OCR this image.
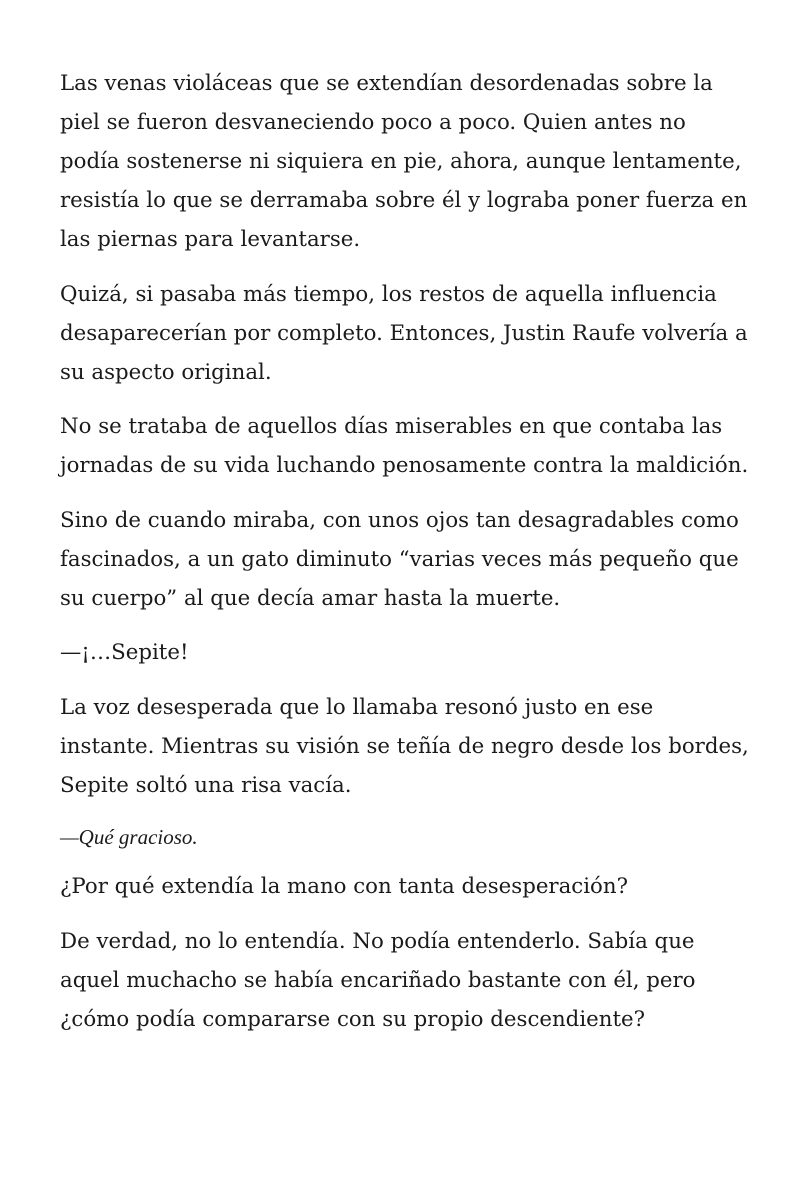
Las venas violáceas que se extendían desordenadas sobre la piel se fueron desvaneciendo poco a poco. Quien antes no podía sostenerse ni siquiera en pie, ahora, aunque lentamente, resistía lo que se derramaba sobre él y lograba poner fuerza en las piernas para levantarse.

Quizá, si pasaba más tiempo, los restos de aquella influencia desaparecerían por completo. Entonces, Justin Raufe volvería a su aspecto original.

No se trataba de aquellos días miserables en que contaba las jornadas de su vida luchando penosamente contra la maldición.

Sino de cuando miraba, con unos ojos tan desagradables como fascinados, a un gato diminuto “varias veces más pequeño que su cuerpo” al que decía amar hasta la muerte.

—¡…Sepite!

La voz desesperada que lo llamaba resonó justo en ese instante. Mientras su visión se teñía de negro desde los bordes, Sepite soltó una risa vacía.

—Qué gracioso.

¿Por qué extendía la mano con tanta desesperación?

De verdad, no lo entendía. No podía entenderlo. Sabía que aquel muchacho se había encariñado bastante con él, pero ¿cómo podía compararse con su propio descendiente?
